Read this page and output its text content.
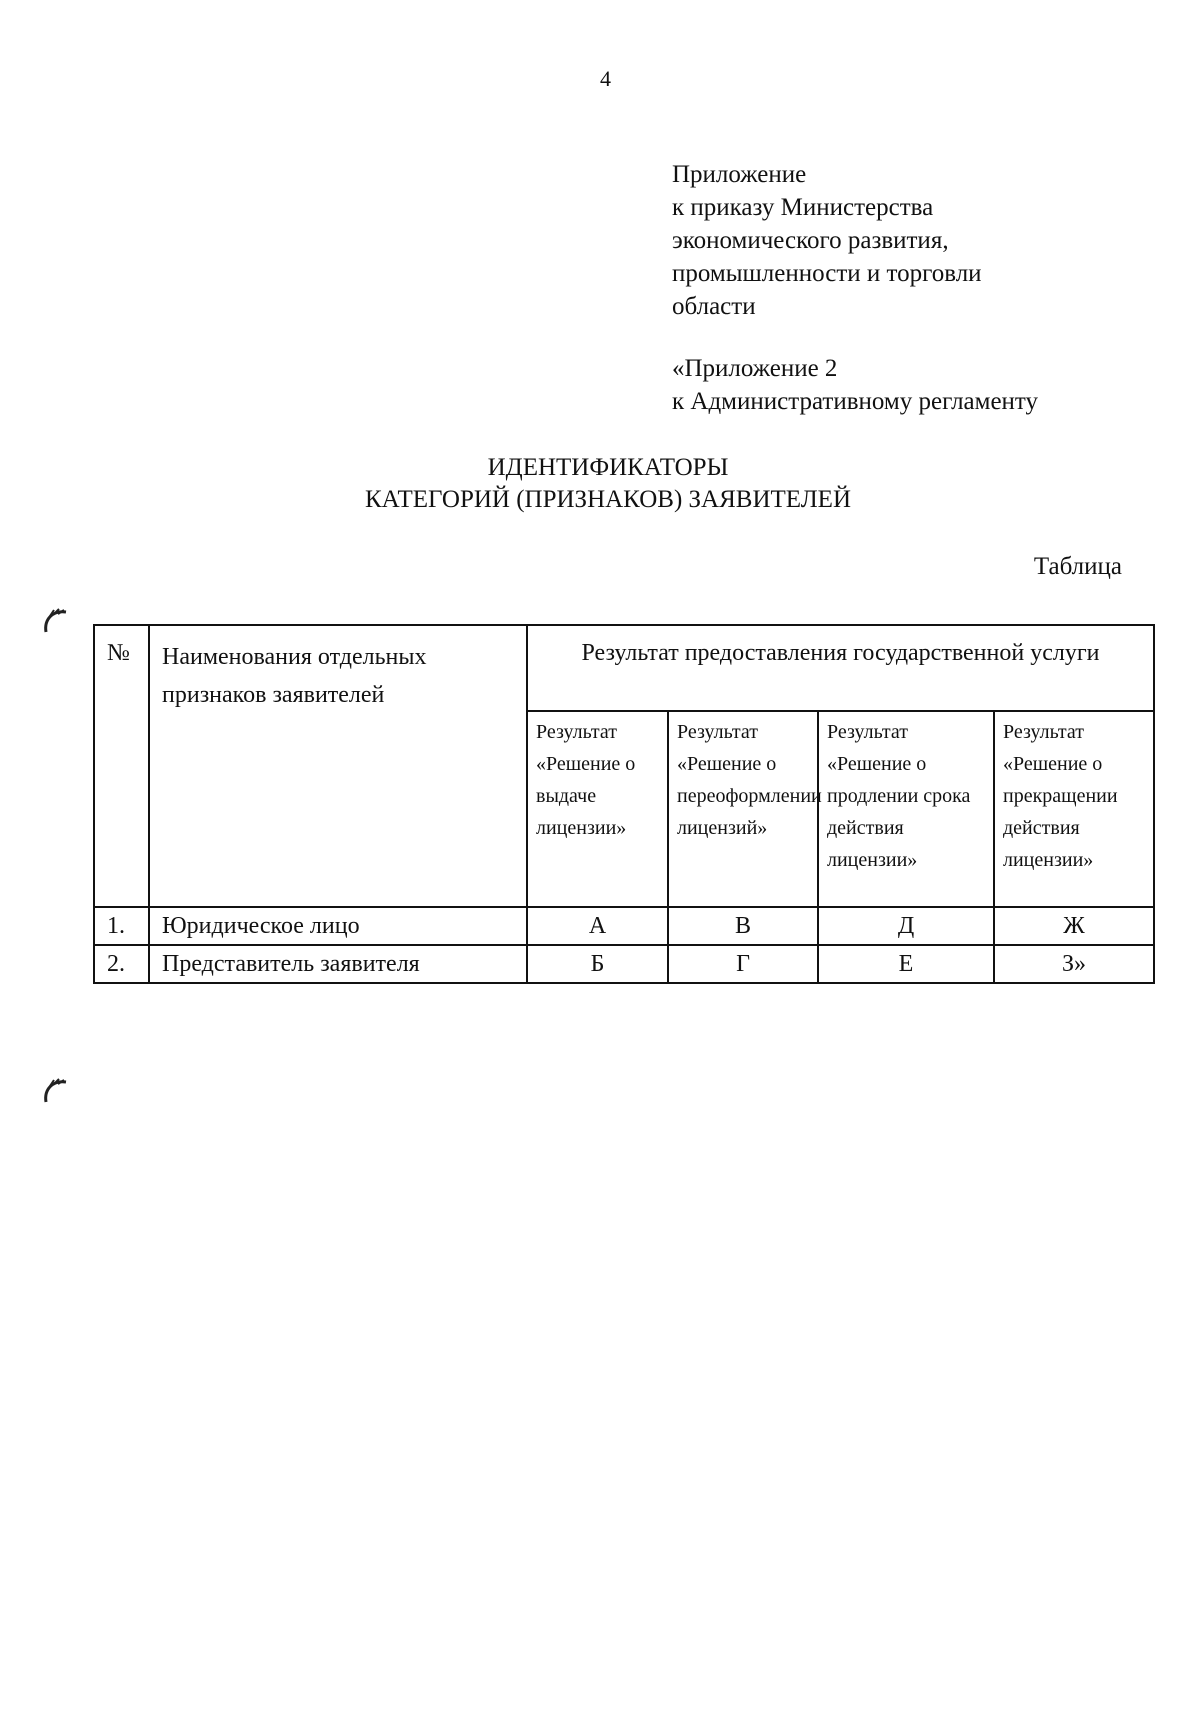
4
Приложение
к приказу Министерства
экономического развития,
промышленности и торговли
области
«Приложение 2
к Административному регламенту
ИДЕНТИФИКАТОРЫ
КАТЕГОРИЙ (ПРИЗНАКОВ) ЗАЯВИТЕЛЕЙ
Таблица
№	Наименования отдельных признаков заявителей	Результат предоставления государственной услуги			
		Результат «Решение о выдаче лицензии»	Результат «Решение о переоформлении лицензий»	Результат «Решение о продлении срока действия лицензии»	Результат «Решение о прекращении действия лицензии»
1.	Юридическое лицо	А	В	Д	Ж
2.	Представитель заявителя	Б	Г	Е	З»
